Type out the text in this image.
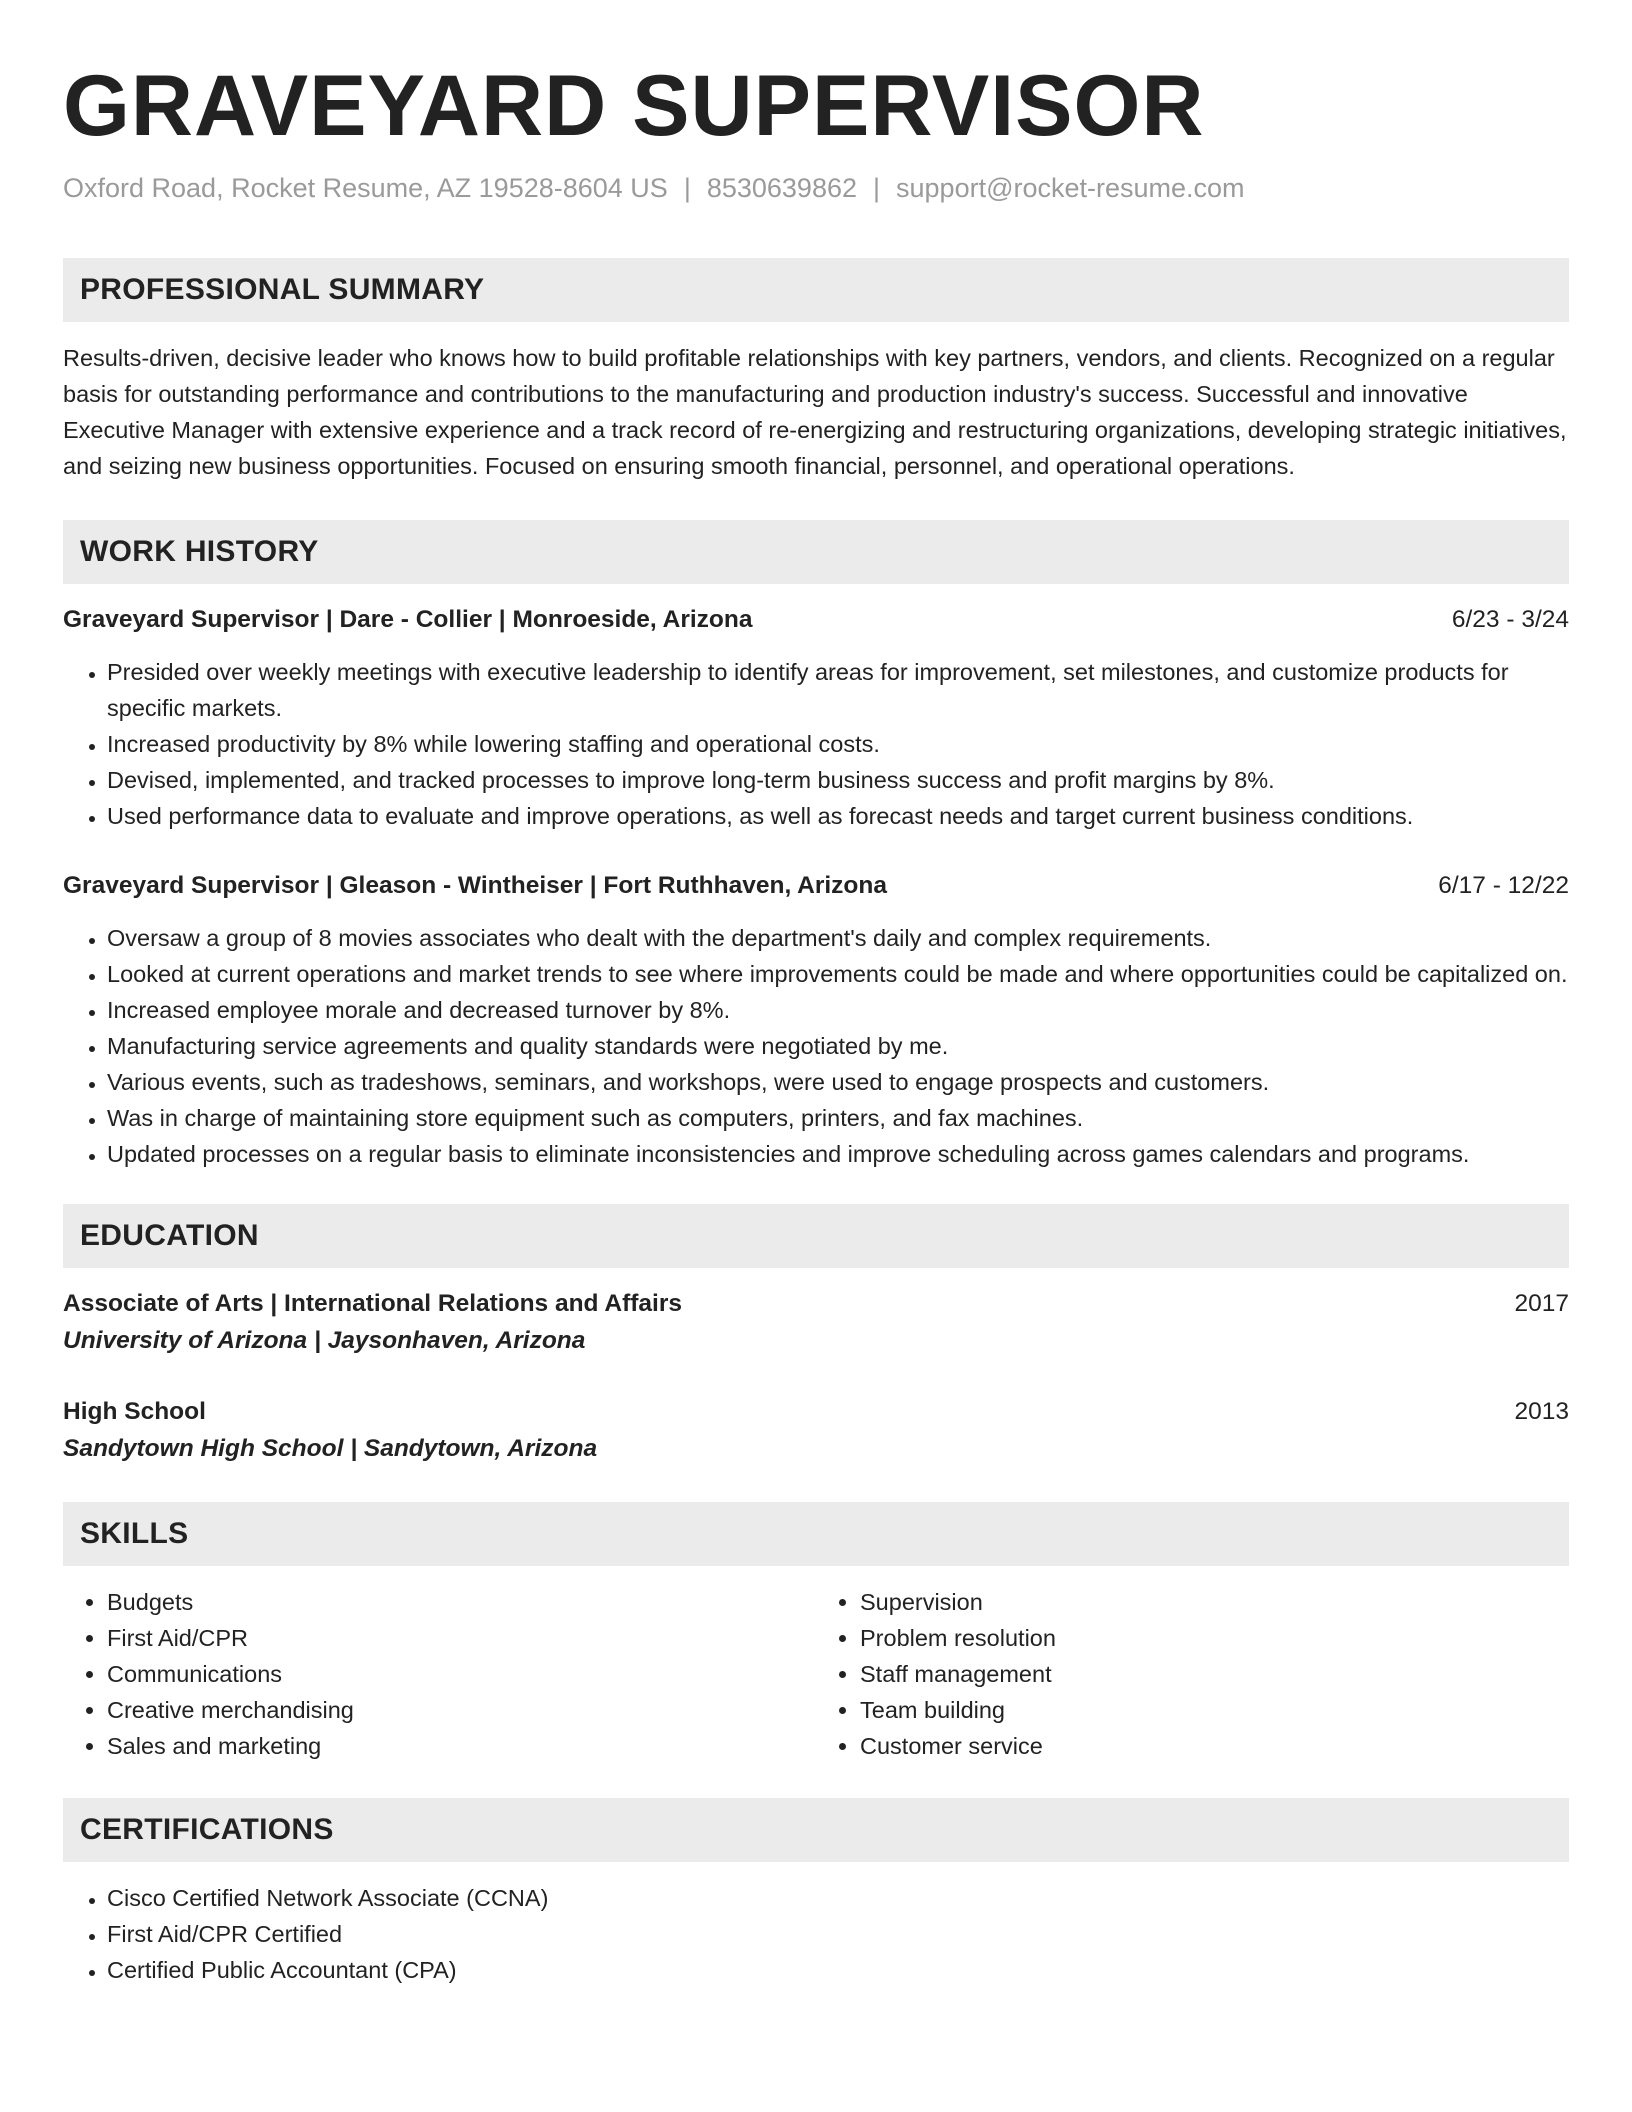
GRAVEYARD SUPERVISOR
Oxford Road, Rocket Resume, AZ 19528-8604 US | 8530639862 | support@rocket-resume.com
PROFESSIONAL SUMMARY

Results-driven, decisive leader who knows how to build profitable relationships with key partners, vendors, and clients. Recognized on a regular basis for outstanding performance and contributions to the manufacturing and production industry's success. Successful and innovative Executive Manager with extensive experience and a track record of re-energizing and restructuring organizations, developing strategic initiatives, and seizing new business opportunities. Focused on ensuring smooth financial, personnel, and operational operations.

WORK HISTORY
Graveyard Supervisor | Dare - Collier | Monroeside, Arizona	6/23 - 3/24
• Presided over weekly meetings with executive leadership to identify areas for improvement, set milestones, and customize products for specific markets.
• Increased productivity by 8% while lowering staffing and operational costs.
• Devised, implemented, and tracked processes to improve long-term business success and profit margins by 8%.
• Used performance data to evaluate and improve operations, as well as forecast needs and target current business conditions.
Graveyard Supervisor | Gleason - Wintheiser | Fort Ruthhaven, Arizona	6/17 - 12/22
• Oversaw a group of 8 movies associates who dealt with the department's daily and complex requirements.
• Looked at current operations and market trends to see where improvements could be made and where opportunities could be capitalized on.
• Increased employee morale and decreased turnover by 8%.
• Manufacturing service agreements and quality standards were negotiated by me.
• Various events, such as tradeshows, seminars, and workshops, were used to engage prospects and customers.
• Was in charge of maintaining store equipment such as computers, printers, and fax machines.
• Updated processes on a regular basis to eliminate inconsistencies and improve scheduling across games calendars and programs.
EDUCATION
Associate of Arts | International Relations and Affairs	2017
University of Arizona | Jaysonhaven, Arizona
High School	2013
Sandytown High School | Sandytown, Arizona
SKILLS
• Budgets
• First Aid/CPR
• Communications
• Creative merchandising
• Sales and marketing
• Supervision
• Problem resolution
• Staff management
• Team building
• Customer service
CERTIFICATIONS
• Cisco Certified Network Associate (CCNA)
• First Aid/CPR Certified
• Certified Public Accountant (CPA)
